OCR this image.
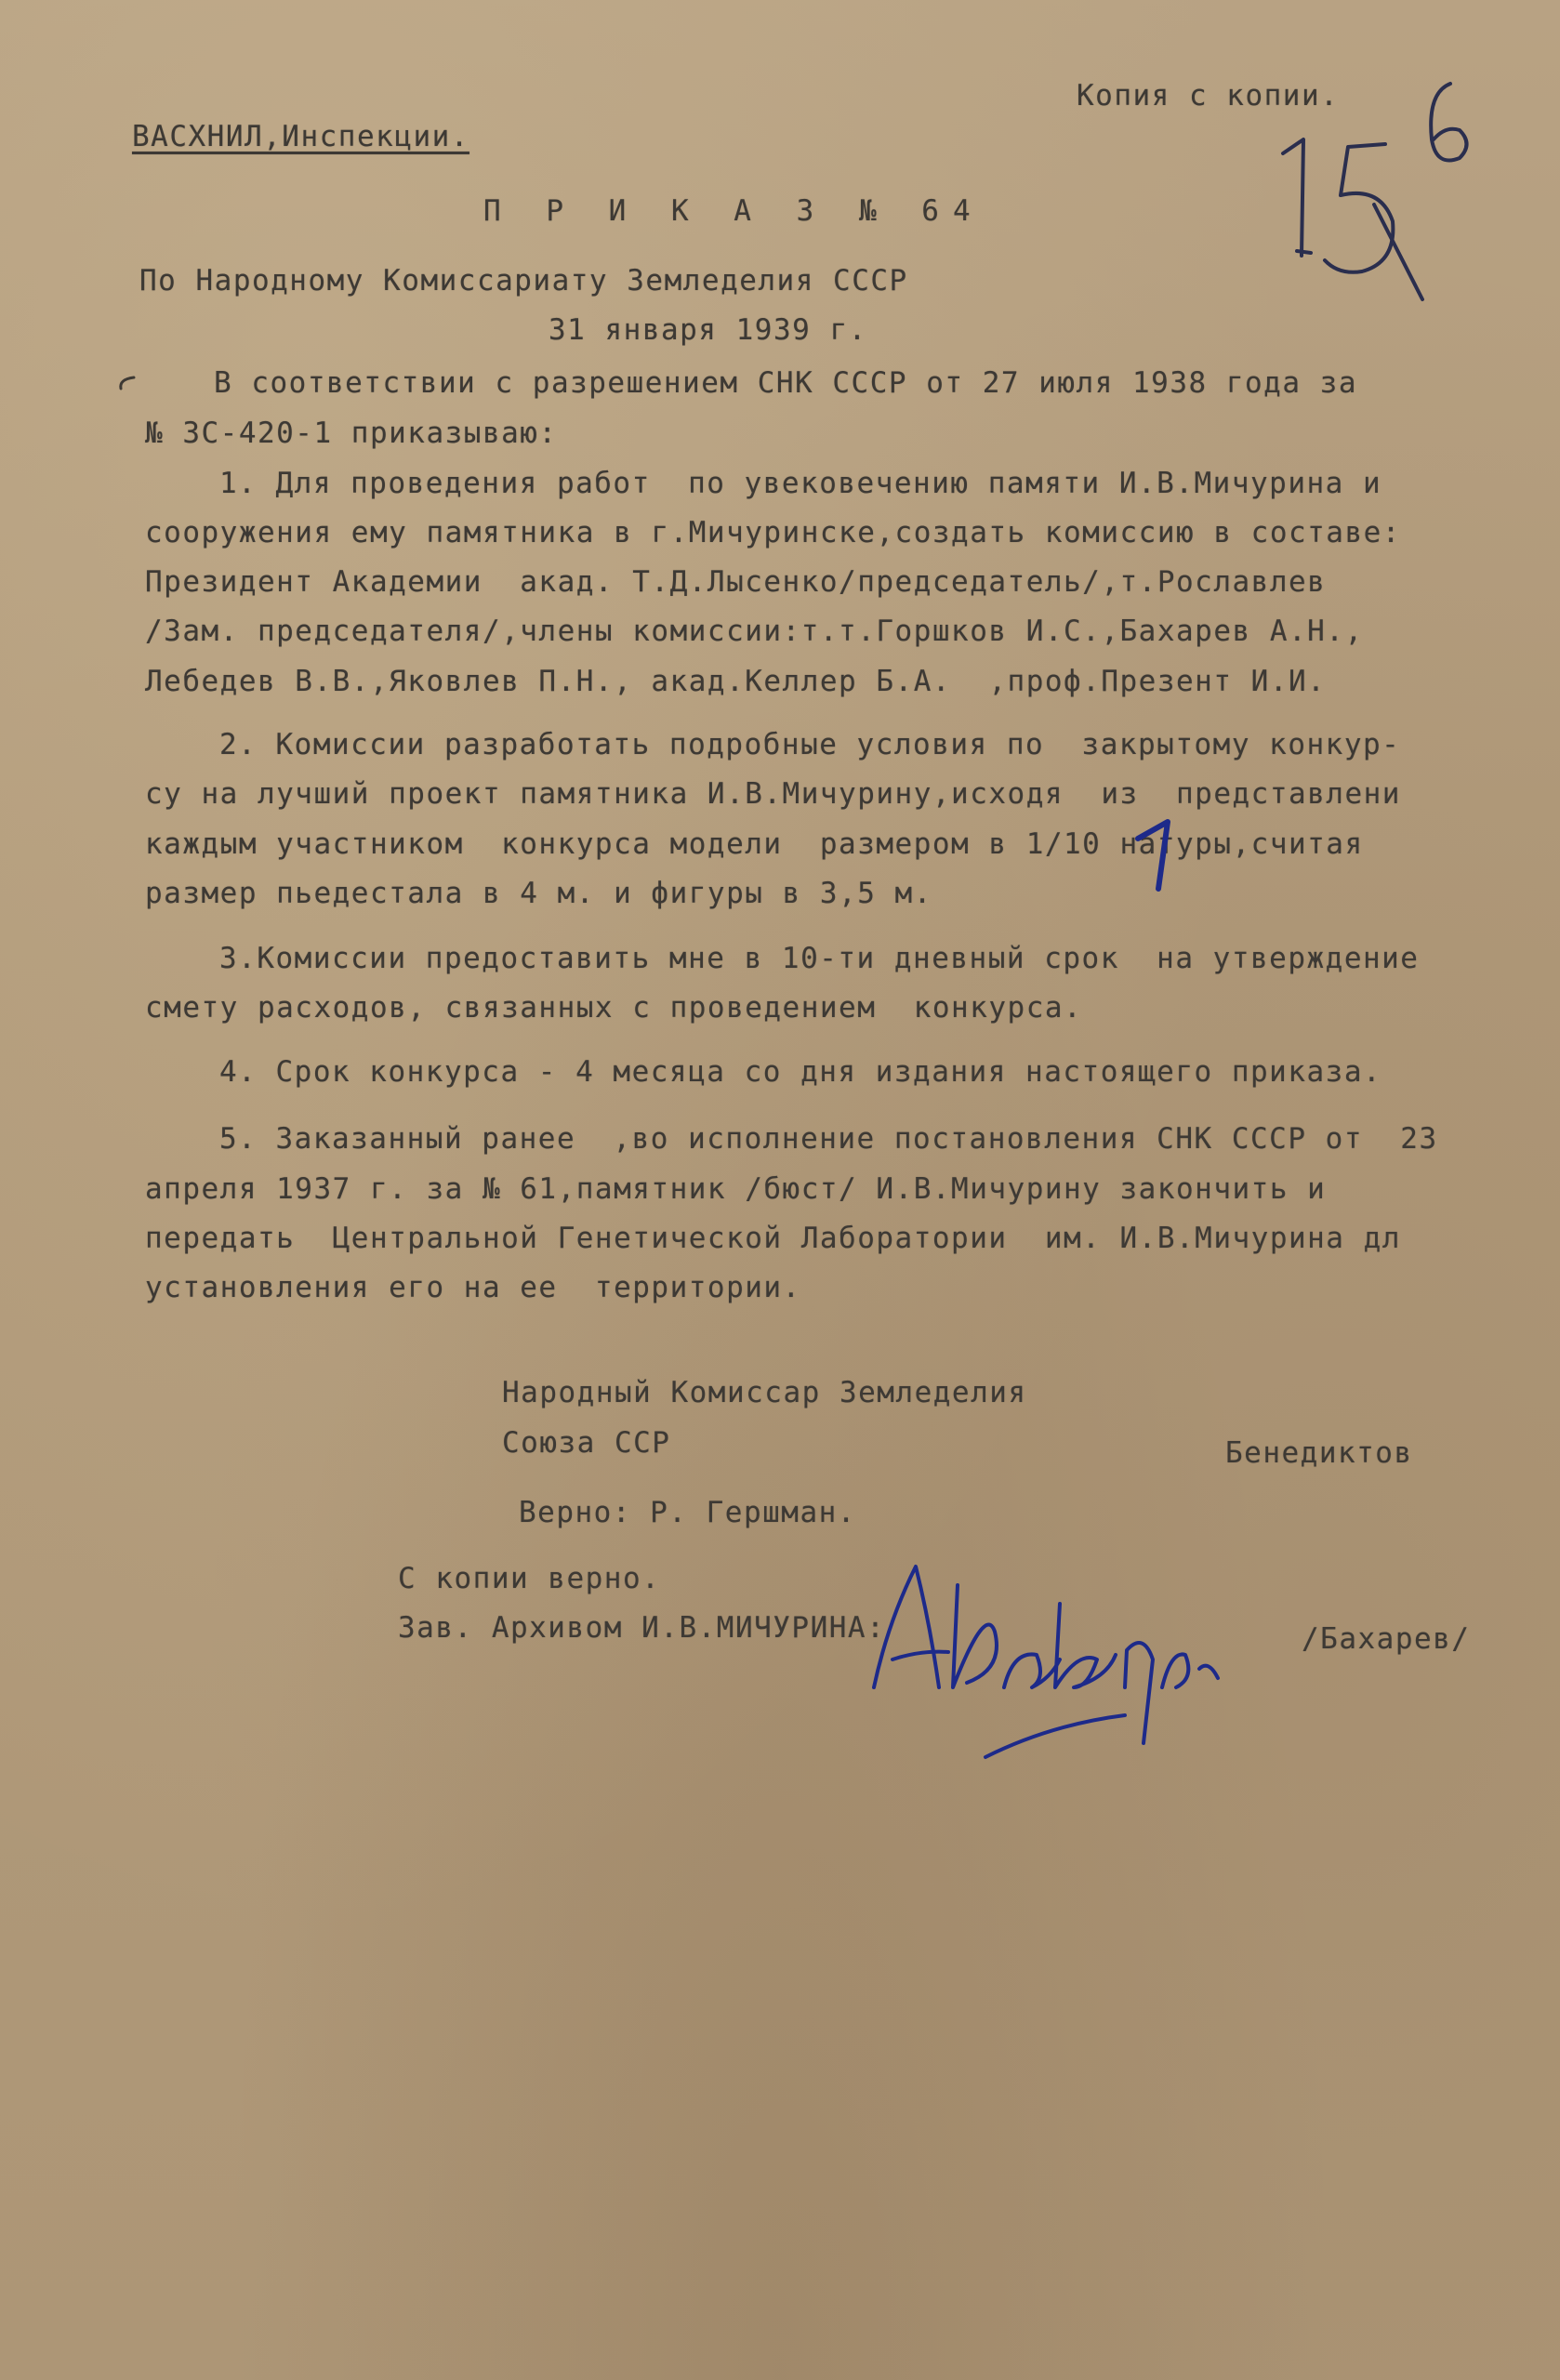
Копия с копии.

ВАСХНИЛ,Инспекции.

П Р И К А З № 64

По Народному Комиссариату Земледелия СССР

31 января 1939 г.

В соответствии с разрешением СНК СССР от 27 июля 1938 года за

№ ЗС-420-1 приказываю:

1. Для проведения работ  по увековечению памяти И.В.Мичурина и

сооружения ему памятника в г.Мичуринске,создать комиссию в составе:

Президент Академии  акад. Т.Д.Лысенко/председатель/,т.Рославлев

/Зам. председателя/,члены комиссии:т.т.Горшков И.С.,Бахарев А.Н.,

Лебедев В.В.,Яковлев П.Н., акад.Келлер Б.А.  ,проф.Презент И.И.

2. Комиссии разработать подробные условия по  закрытому конкур-

су на лучший проект памятника И.В.Мичурину,исходя  из  представлени

каждым участником  конкурса модели  размером в 1/10 натуры,считая

размер пьедестала в 4 м. и фигуры в 3,5 м.

3.Комиссии предоставить мне в 10-ти дневный срок  на утверждение

смету расходов, связанных с проведением  конкурса.

4. Срок конкурса - 4 месяца со дня издания настоящего приказа.

5. Заказанный ранее  ,во исполнение постановления СНК СССР от  23

апреля 1937 г. за № 61,памятник /бюст/ И.В.Мичурину закончить и

передать  Центральной Генетической Лаборатории  им. И.В.Мичурина дл

установления его на ее  территории.

Народный Комиссар Земледелия

Союза ССР	Бенедиктов

Верно: Р. Гершман.

С копии верно.

Зав. Архивом И.В.МИЧУРИНА:	/Бахарев/
